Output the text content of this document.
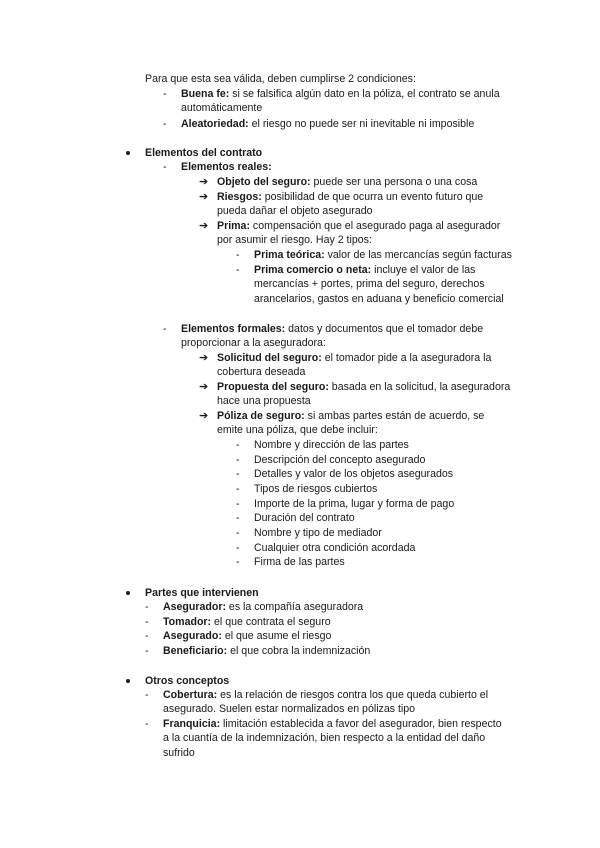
Para que esta sea válida, deben cumplirse 2 condiciones:
- Buena fe: si se falsifica algún dato en la póliza, el contrato se anula
automáticamente
- Aleatoriedad: el riesgo no puede ser ni inevitable ni imposible
Elementos del contrato
- Elementos reales:
➔ Objeto del seguro: puede ser una persona o una cosa
➔ Riesgos: posibilidad de que ocurra un evento futuro que
pueda dañar el objeto asegurado
➔ Prima: compensación que el asegurado paga al asegurador
por asumir el riesgo. Hay 2 tipos:
- Prima teórica: valor de las mercancías según facturas
- Prima comercio o neta: incluye el valor de las
mercancías + portes, prima del seguro, derechos
arancelarios, gastos en aduana y beneficio comercial
- Elementos formales: datos y documentos que el tomador debe
proporcionar a la aseguradora:
➔ Solicitud del seguro: el tomador pide a la aseguradora la
cobertura deseada
➔ Propuesta del seguro: basada en la solicitud, la aseguradora
hace una propuesta
➔ Póliza de seguro: si ambas partes están de acuerdo, se
emite una póliza, que debe incluir:
- Nombre y dirección de las partes
- Descripción del concepto asegurado
- Detalles y valor de los objetos asegurados
- Tipos de riesgos cubiertos
- Importe de la prima, lugar y forma de pago
- Duración del contrato
- Nombre y tipo de mediador
- Cualquier otra condición acordada
- Firma de las partes
Partes que intervienen
- Asegurador: es la compañía aseguradora
- Tomador: el que contrata el seguro
- Asegurado: el que asume el riesgo
- Beneficiario: el que cobra la indemnización
Otros conceptos
- Cobertura: es la relación de riesgos contra los que queda cubierto el
asegurado. Suelen estar normalizados en pólizas tipo
- Franquicia: limitación establecida a favor del asegurador, bien respecto
a la cuantía de la indemnización, bien respecto a la entidad del daño
sufrido
